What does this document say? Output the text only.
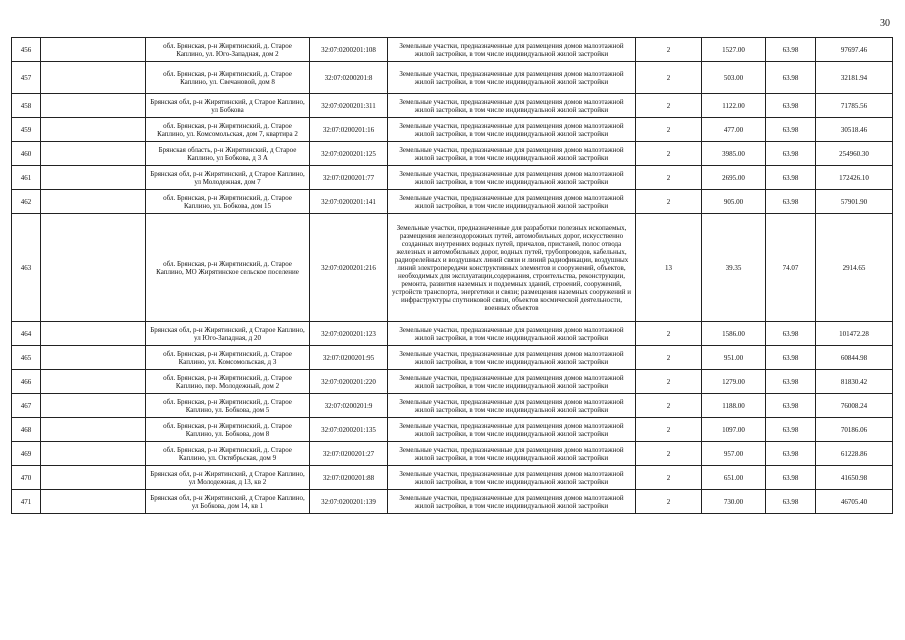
30
456		обл. Брянская, р-н Жирятинский, д. Старое Каплино, ул. Юго-Западная, дом 2	32:07:0200201:108	Земельные участки, предназначенные для размещения домов малоэтажной жилой застройки, в том числе индивидуальной жилой застройки	2	1527.00	63.98	97697.46
457		обл. Брянская, р-н Жирятинский, д. Старое Каплино, ул. Свечановой, дом 8	32:07:0200201:8	Земельные участки, предназначенные для размещения домов малоэтажной жилой застройки, в том числе индивидуальной жилой застройки	2	503.00	63.98	32181.94
458		Брянская обл, р-н Жирятинский, д Старое Каплино, ул Бобкова	32:07:0200201:311	Земельные участки, предназначенные для размещения домов малоэтажной жилой застройки, в том числе индивидуальной жилой застройки	2	1122.00	63.98	71785.56
459		обл. Брянская, р-н Жирятинский, д. Старое Каплино, ул. Комсомольская, дом 7, квартира 2	32:07:0200201:16	Земельные участки, предназначенные для размещения домов малоэтажной жилой застройки, в том числе индивидуальной жилой застройки	2	477.00	63.98	30518.46
460		Брянская область, р-н Жирятинский, д Старое Каплино, ул Бобкова, д 3 А	32:07:0200201:125	Земельные участки, предназначенные для размещения домов малоэтажной жилой застройки, в том числе индивидуальной жилой застройки	2	3985.00	63.98	254960.30
461		Брянская обл, р-н Жирятинский, д Старое Каплино, ул Молодежная, дом 7	32:07:0200201:77	Земельные участки, предназначенные для размещения домов малоэтажной жилой застройки, в том числе индивидуальной жилой застройки	2	2695.00	63.98	172426.10
462		обл. Брянская, р-н Жирятинский, д. Старое Каплино, ул. Бобкова, дом 15	32:07:0200201:141	Земельные участки, предназначенные для размещения домов малоэтажной жилой застройки, в том числе индивидуальной жилой застройки	2	905.00	63.98	57901.90
463		обл. Брянская, р-н Жирятинский, д. Старое Каплино, МО Жирятинское сельское поселение	32:07:0200201:216	Земельные участки, предназначенные для разработки полезных ископаемых, размещения железнодорожных путей, автомобильных дорог, искусственно созданных внутренних водных путей, причалов, пристаней, полос отвода железных и автомобильных дорог, водных путей, трубопроводов, кабельных, радиорелейных и воздушных линий связи и линий радиофикации, воздушных линий электропередачи конструктивных элементов и сооружений, объектов, необходимых для эксплуатации,содержания, строительства, реконструкции, ремонта, развития наземных и подземных зданий, строений, сооружений, устройств транспорта, энергетики и связи; размещения наземных сооружений и инфраструктуры спутниковой связи, объектов космической деятельности, военных объектов	13	39.35	74.07	2914.65
464		Брянская обл, р-н Жирятинский, д Старое Каплино, ул Юго-Западная, д 20	32:07:0200201:123	Земельные участки, предназначенные для размещения домов малоэтажной жилой застройки, в том числе индивидуальной жилой застройки	2	1586.00	63.98	101472.28
465		обл. Брянская, р-н Жирятинский, д. Старое Каплино, ул. Комсомольская, д 3	32:07:0200201:95	Земельные участки, предназначенные для размещения домов малоэтажной жилой застройки, в том числе индивидуальной жилой застройки	2	951.00	63.98	60844.98
466		обл. Брянская, р-н Жирятинский, д. Старое Каплино, пер. Молодежный, дом 2	32:07:0200201:220	Земельные участки, предназначенные для размещения домов малоэтажной жилой застройки, в том числе индивидуальной жилой застройки	2	1279.00	63.98	81830.42
467		обл. Брянская, р-н Жирятинский, д. Старое Каплино, ул. Бобкова, дом 5	32:07:0200201:9	Земельные участки, предназначенные для размещения домов малоэтажной жилой застройки, в том числе индивидуальной жилой застройки	2	1188.00	63.98	76008.24
468		обл. Брянская, р-н Жирятинский, д. Старое Каплино, ул. Бобкова, дом 8	32:07:0200201:135	Земельные участки, предназначенные для размещения домов малоэтажной жилой застройки, в том числе индивидуальной жилой застройки	2	1097.00	63.98	70186.06
469		обл. Брянская, р-н Жирятинский, д. Старое Каплино, ул. Октябрьская, дом 9	32:07:0200201:27	Земельные участки, предназначенные для размещения домов малоэтажной жилой застройки, в том числе индивидуальной жилой застройки	2	957.00	63.98	61228.86
470		Брянская обл, р-н Жирятинский, д Старое Каплино, ул Молодежная, д 13, кв 2	32:07:0200201:88	Земельные участки, предназначенные для размещения домов малоэтажной жилой застройки, в том числе индивидуальной жилой застройки	2	651.00	63.98	41650.98
471		Брянская обл, р-н Жирятинский, д Старое Каплино, ул Бобкова, дом 14, кв 1	32:07:0200201:139	Земельные участки, предназначенные для размещения домов малоэтажной жилой застройки, в том числе индивидуальной жилой застройки	2	730.00	63.98	46705.40
